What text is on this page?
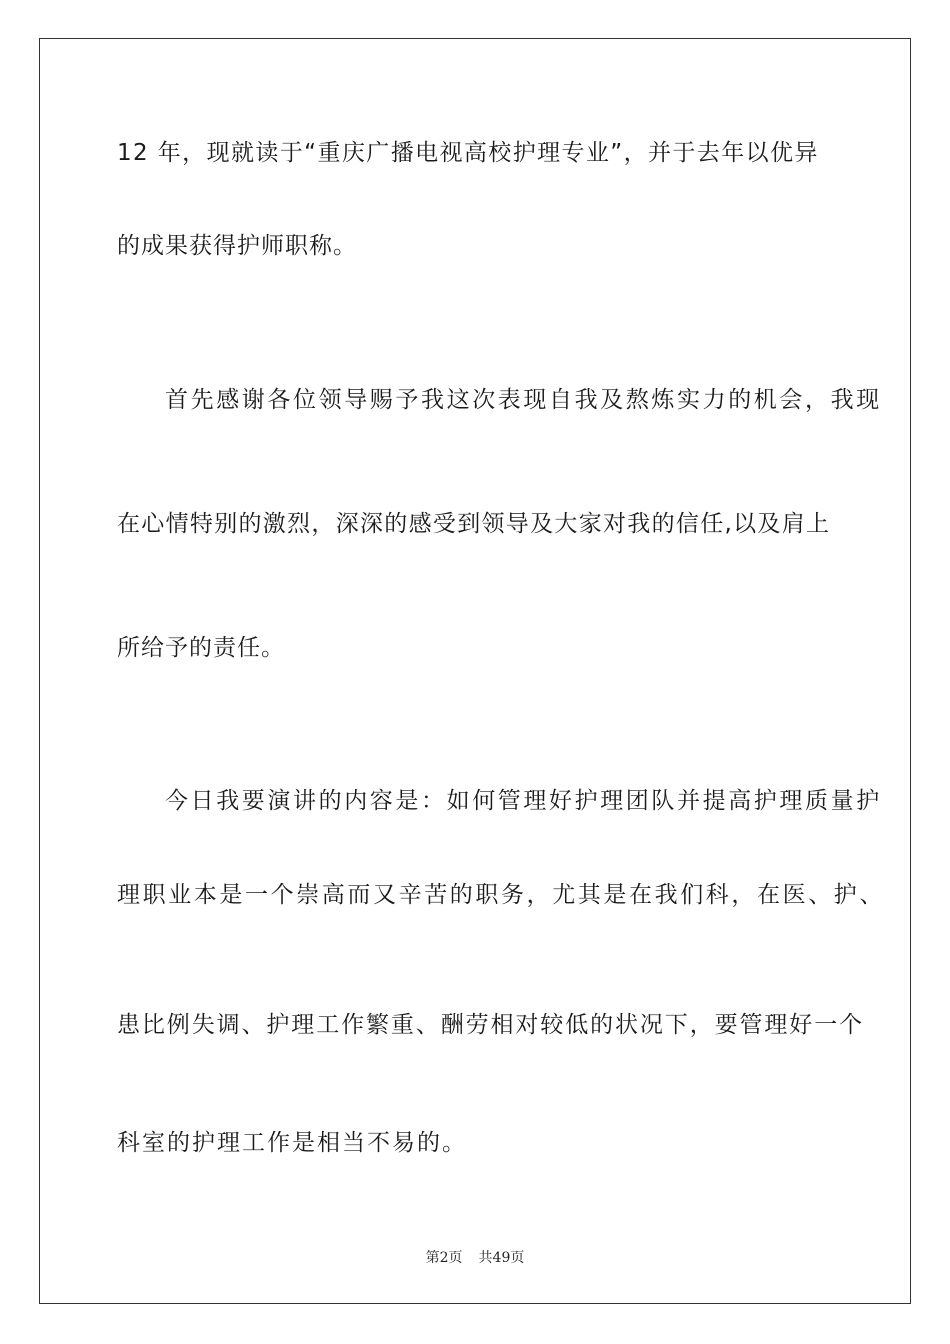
12 年，现就读于“重庆广播电视高校护理专业”，并于去年以优异
的成果获得护师职称。
首先感谢各位领导赐予我这次表现自我及熬炼实力的机会，我现
在心情特别的激烈，深深的感受到领导及大家对我的信任,以及肩上
所给予的责任。
今日我要演讲的内容是：如何管理好护理团队并提高护理质量护
理职业本是一个崇高而又辛苦的职务，尤其是在我们科，在医、护、
患比例失调、护理工作繁重、酬劳相对较低的状况下，要管理好一个
科室的护理工作是相当不易的。
第2页 共49页
